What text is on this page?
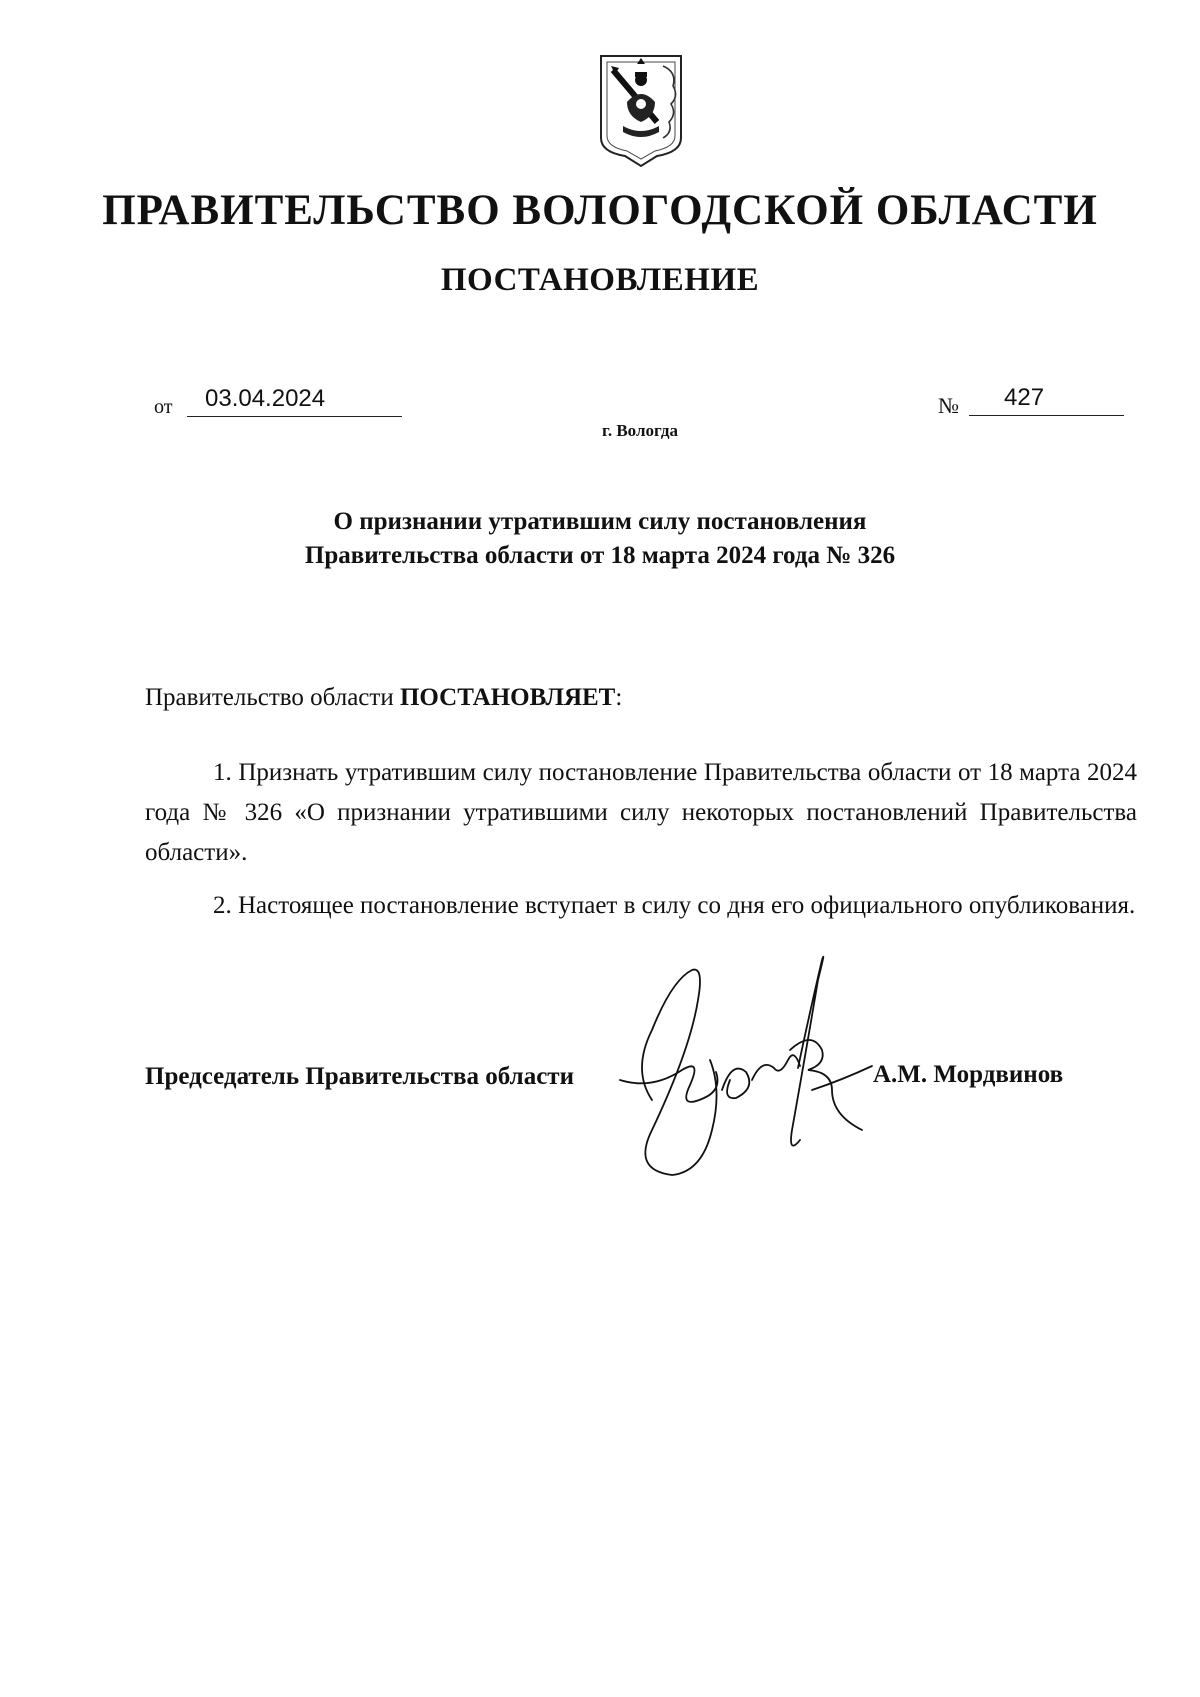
ПРАВИТЕЛЬСТВО ВОЛОГОДСКОЙ ОБЛАСТИ
ПОСТАНОВЛЕНИЕ
от	03.04.2024	№	427
г. Вологда
О признании утратившим силу постановления
Правительства области от 18 марта 2024 года № 326
Правительство области ПОСТАНОВЛЯЕТ:

1. Признать утратившим силу постановление Правительства области от 18 марта 2024 года № 326 «О признании утратившими силу некоторых постановлений Правительства области».

2. Настоящее постановление вступает в силу со дня его официального опубликования.

Председатель Правительства области	А.М. Мордвинов
